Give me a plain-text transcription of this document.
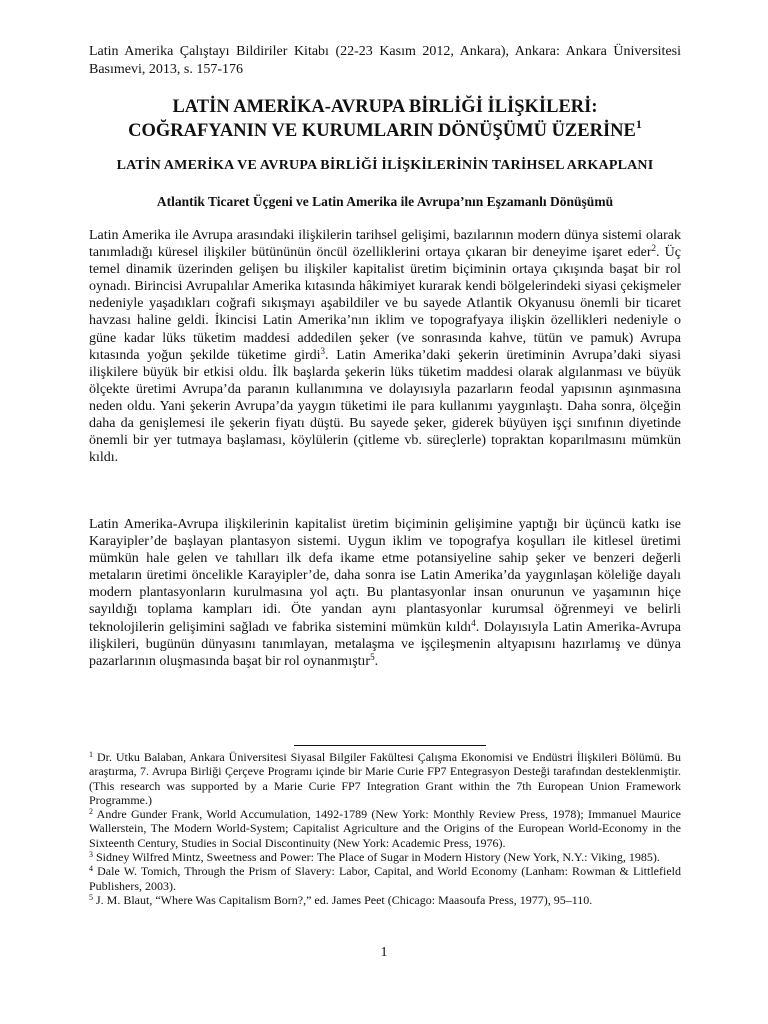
Latin Amerika Çalıştayı Bildiriler Kitabı (22-23 Kasım 2012, Ankara), Ankara: Ankara Üniversitesi Basımevi, 2013, s. 157-176
LATİN AMERİKA-AVRUPA BİRLİĞİ İLİŞKİLERİ:
COĞRAFYANIN VE KURUMLARIN DÖNÜŞÜMÜ ÜZERİNE$^1$
LATİN AMERİKA VE AVRUPA BİRLİĞİ İLİŞKİLERİNİN TARİHSEL ARKAPLANI
Atlantik Ticaret Üçgeni ve Latin Amerika ile Avrupa’nın Eşzamanlı Dönüşümü

Latin Amerika ile Avrupa arasındaki ilişkilerin tarihsel gelişimi, bazılarının modern dünya sistemi olarak tanımladığı küresel ilişkiler bütününün öncül özelliklerini ortaya çıkaran bir deneyime işaret eder$^2$. Üç temel dinamik üzerinden gelişen bu ilişkiler kapitalist üretim biçiminin ortaya çıkışında başat bir rol oynadı. Birincisi Avrupalılar Amerika kıtasında hâkimiyet kurarak kendi bölgelerindeki siyasi çekişmeler nedeniyle yaşadıkları coğrafi sıkışmayı aşabildiler ve bu sayede Atlantik Okyanusu önemli bir ticaret havzası haline geldi. İkincisi Latin Amerika’nın iklim ve topografyaya ilişkin özellikleri nedeniyle o güne kadar lüks tüketim maddesi addedilen şeker (ve sonrasında kahve, tütün ve pamuk) Avrupa kıtasında yoğun şekilde tüketime girdi$^3$. Latin Amerika’daki şekerin üretiminin Avrupa’daki siyasi ilişkilere büyük bir etkisi oldu. İlk başlarda şekerin lüks tüketim maddesi olarak algılanması ve büyük ölçekte üretimi Avrupa’da paranın kullanımına ve dolayısıyla pazarların feodal yapısının aşınmasına neden oldu. Yani şekerin Avrupa’da yaygın tüketimi ile para kullanımı yaygınlaştı. Daha sonra, ölçeğin daha da genişlemesi ile şekerin fiyatı düştü. Bu sayede şeker, giderek büyüyen işçi sınıfının diyetinde önemli bir yer tutmaya başlaması, köylülerin (çitleme vb. süreçlerle) topraktan koparılmasını mümkün kıldı.

Latin Amerika-Avrupa ilişkilerinin kapitalist üretim biçiminin gelişimine yaptığı bir üçüncü katkı ise Karayipler’de başlayan plantasyon sistemi. Uygun iklim ve topografya koşulları ile kitlesel üretimi mümkün hale gelen ve tahılları ilk defa ikame etme potansiyeline sahip şeker ve benzeri değerli metaların üretimi öncelikle Karayipler’de, daha sonra ise Latin Amerika’da yaygınlaşan köleliğe dayalı modern plantasyonların kurulmasına yol açtı. Bu plantasyonlar insan onurunun ve yaşamının hiçe sayıldığı toplama kampları idi. Öte yandan aynı plantasyonlar kurumsal öğrenmeyi ve belirli teknolojilerin gelişimini sağladı ve fabrika sistemini mümkün kıldı$^4$. Dolayısıyla Latin Amerika-Avrupa ilişkileri, bugünün dünyasını tanımlayan, metalaşma ve işçileşmenin altyapısını hazırlamış ve dünya pazarlarının oluşmasında başat bir rol oynanmıştır$^5$.

$^1$ Dr. Utku Balaban, Ankara Üniversitesi Siyasal Bilgiler Fakültesi Çalışma Ekonomisi ve Endüstri İlişkileri Bölümü. Bu araştırma, 7. Avrupa Birliği Çerçeve Programı içinde bir Marie Curie FP7 Entegrasyon Desteği tarafından desteklenmiştir. (This research was supported by a Marie Curie FP7 Integration Grant within the 7th European Union Framework Programme.)

$^2$ Andre Gunder Frank, World Accumulation, 1492-1789 (New York: Monthly Review Press, 1978); Immanuel Maurice Wallerstein, The Modern World-System; Capitalist Agriculture and the Origins of the European World-Economy in the Sixteenth Century, Studies in Social Discontinuity (New York: Academic Press, 1976).

$^3$ Sidney Wilfred Mintz, Sweetness and Power: The Place of Sugar in Modern History (New York, N.Y.: Viking, 1985).

$^4$ Dale W. Tomich, Through the Prism of Slavery: Labor, Capital, and World Economy (Lanham: Rowman & Littlefield Publishers, 2003).

$^5$ J. M. Blaut, “Where Was Capitalism Born?,” ed. James Peet (Chicago: Maasoufa Press, 1977), 95–110.

1
